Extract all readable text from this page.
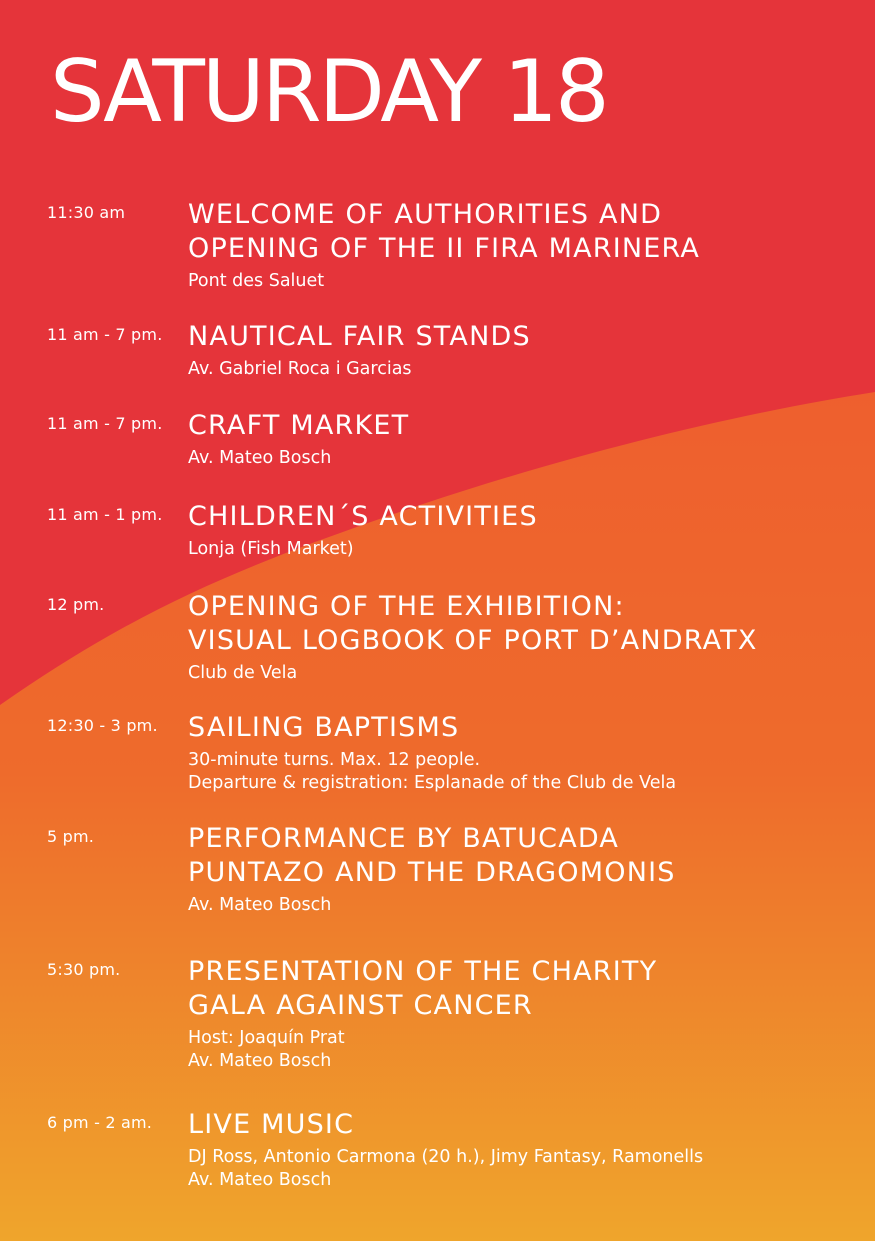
SATURDAY 18
11:30 am WELCOME OF AUTHORITIES AND
OPENING OF THE II FIRA MARINERA
Pont des Saluet
11 am - 7 pm. NAUTICAL FAIR STANDS
Av. Gabriel Roca i Garcias
11 am - 7 pm. CRAFT MARKET
Av. Mateo Bosch
11 am - 1 pm. CHILDREN´S ACTIVITIES
Lonja (Fish Market)
12 pm.	OPENING OF THE EXHIBITION:
VISUAL LOGBOOK OF PORT D’ANDRATX
Club de Vela
12:30 - 3 pm. SAILING BAPTISMS
30-minute turns. Max. 12 people.
Departure & registration: Esplanade of the Club de Vela
5 pm.	PERFORMANCE BY BATUCADA
PUNTAZO AND THE DRAGOMONIS
Av. Mateo Bosch
5:30 pm.	PRESENTATION OF THE CHARITY
GALA AGAINST CANCER
Host: Joaquín Prat
Av. Mateo Bosch
6 pm - 2 am. LIVE MUSIC
DJ Ross, Antonio Carmona (20 h.), Jimy Fantasy, Ramonells
Av. Mateo Bosch
